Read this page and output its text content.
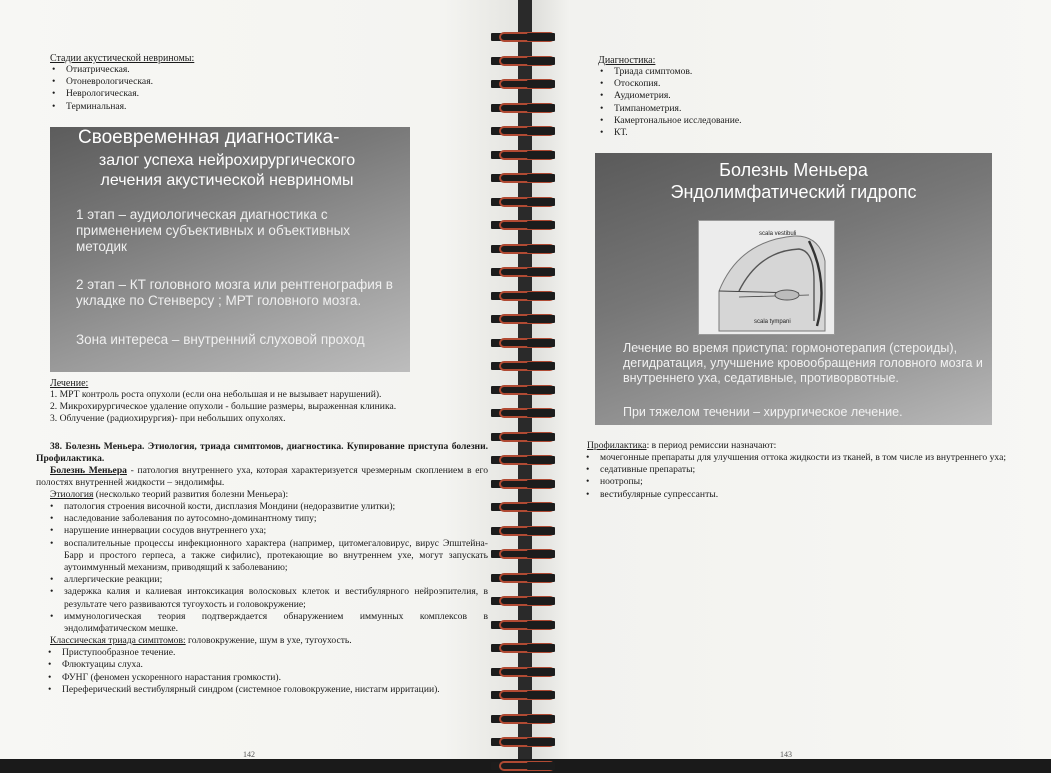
Стадии акустической невриномы:

• Отиатрическая.
• Отоневрологическая.
• Неврологическая.
• Терминальная.
Своевременная диагностика-
залог успеха нейрохирургического лечения акустической невриномы
1 этап – аудиологическая диагностика с применением субъективных и объективных методик
2 этап – КТ головного мозга или рентгенография в укладке по Стенверсу ; МРТ головного мозга.
Зона интереса – внутренний слуховой проход

Лечение:

1. МРТ контроль роста опухоли (если она небольшая и не вызывает нарушений).
2. Микрохирургическое удаление опухоли - большие размеры, выраженная клиника.
3. Облучение (радиохирургия)- при небольших опухолях.

38. Болезнь Меньера. Этиология, триада симптомов, диагностика. Купирование приступа болезни. Профилактика.

Болезнь Меньера - патология внутреннего уха, которая характеризуется чрезмерным скоплением в его полостях внутренней жидкости – эндолимфы.

Этиология (несколько теорий развития болезни Меньера):

• патология строения височной кости, дисплазия Мондини (недоразвитие улитки);
• наследование заболевания по аутосомно-доминантному типу;
• нарушение иннервации сосудов внутреннего уха;
• воспалительные процессы инфекционного характера (например, цитомегаловирус, вирус Эпштейна-Барр и простого герпеса, а также сифилис), протекающие во внутреннем ухе, могут запускать аутоиммунный механизм, приводящий к заболеванию;
• аллергические реакции;
• задержка калия и калиевая интоксикация волосковых клеток и вестибулярного нейроэпителия, в результате чего развиваются тугоухость и головокружение;
• иммунологическая теория подтверждается обнаружением иммунных комплексов в эндолимфатическом мешке.

Классическая триада симптомов: головокружение, шум в ухе, тугоухость.

• Приступообразное течение.
• Флюктуациы слуха.
• ФУНГ (феномен ускоренного нарастания громкости).
• Переферический вестибулярный синдром (системное головокружение, нистагм ирритации).
142

Диагностика:

• Триада симптомов.
• Отоскопия.
• Аудиометрия.
• Тимпанометрия.
• Камертональное исследование.
• КТ.
Болезнь Меньера
Эндолимфатический гидропс
scala vestibuli
scala tympani
Лечение во время приступа: гормонотерапия (стероиды), дегидратация, улучшение кровообращения головного мозга и внутреннего уха, седативные, противорвотные.
При тяжелом течении – хирургическое лечение.

Профилактика: в период ремиссии назначают:

• мочегонные препараты для улучшения оттока жидкости из тканей, в том числе из внутреннего уха;
• седативные препараты;
• ноотропы;
• вестибулярные супрессанты.
143
